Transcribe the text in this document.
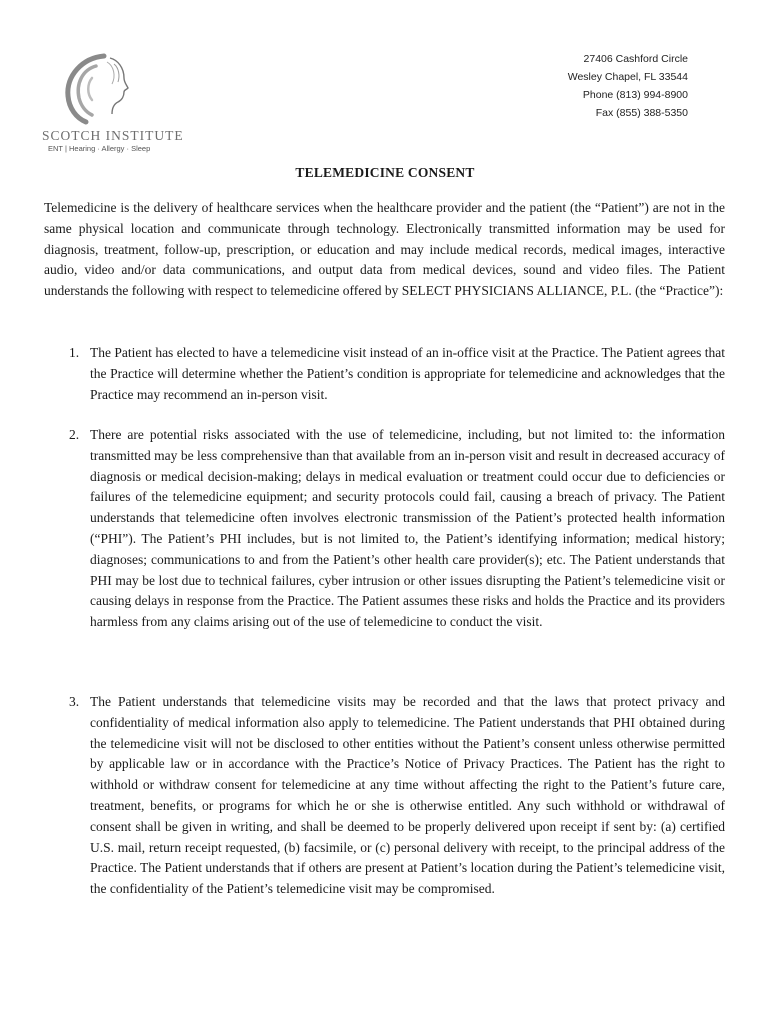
SCOTCH INSTITUTE
ENT | Hearing · Allergy · Sleep
27406 Cashford Circle
Wesley Chapel, FL 33544
Phone (813) 994-8900
Fax (855) 388-5350
TELEMEDICINE CONSENT

Telemedicine is the delivery of healthcare services when the healthcare provider and the patient (the “Patient”) are not in the same physical location and communicate through technology. Electronically transmitted information may be used for diagnosis, treatment, follow-up, prescription, or education and may include medical records, medical images, interactive audio, video and/or data communications, and output data from medical devices, sound and video files. The Patient understands the following with respect to telemedicine offered by SELECT PHYSICIANS ALLIANCE, P.L. (the “Practice”):

1. The Patient has elected to have a telemedicine visit instead of an in-office visit at the Practice. The Patient agrees that the Practice will determine whether the Patient’s condition is appropriate for telemedicine and acknowledges that the Practice may recommend an in-person visit.

2. There are potential risks associated with the use of telemedicine, including, but not limited to: the information transmitted may be less comprehensive than that available from an in-person visit and result in decreased accuracy of diagnosis or medical decision-making; delays in medical evaluation or treatment could occur due to deficiencies or failures of the telemedicine equipment; and security protocols could fail, causing a breach of privacy. The Patient understands that telemedicine often involves electronic transmission of the Patient’s protected health information (“PHI”). The Patient’s PHI includes, but is not limited to, the Patient’s identifying information; medical history; diagnoses; communications to and from the Patient’s other health care provider(s); etc. The Patient understands that PHI may be lost due to technical failures, cyber intrusion or other issues disrupting the Patient’s telemedicine visit or causing delays in response from the Practice. The Patient assumes these risks and holds the Practice and its providers harmless from any claims arising out of the use of telemedicine to conduct the visit.

3. The Patient understands that telemedicine visits may be recorded and that the laws that protect privacy and confidentiality of medical information also apply to telemedicine. The Patient understands that PHI obtained during the telemedicine visit will not be disclosed to other entities without the Patient’s consent unless otherwise permitted by applicable law or in accordance with the Practice’s Notice of Privacy Practices. The Patient has the right to withhold or withdraw consent for telemedicine at any time without affecting the right to the Patient’s future care, treatment, benefits, or programs for which he or she is otherwise entitled. Any such withhold or withdrawal of consent shall be given in writing, and shall be deemed to be properly delivered upon receipt if sent by: (a) certified U.S. mail, return receipt requested, (b) facsimile, or (c) personal delivery with receipt, to the principal address of the Practice. The Patient understands that if others are present at Patient’s location during the Patient’s telemedicine visit, the confidentiality of the Patient’s telemedicine visit may be compromised.
